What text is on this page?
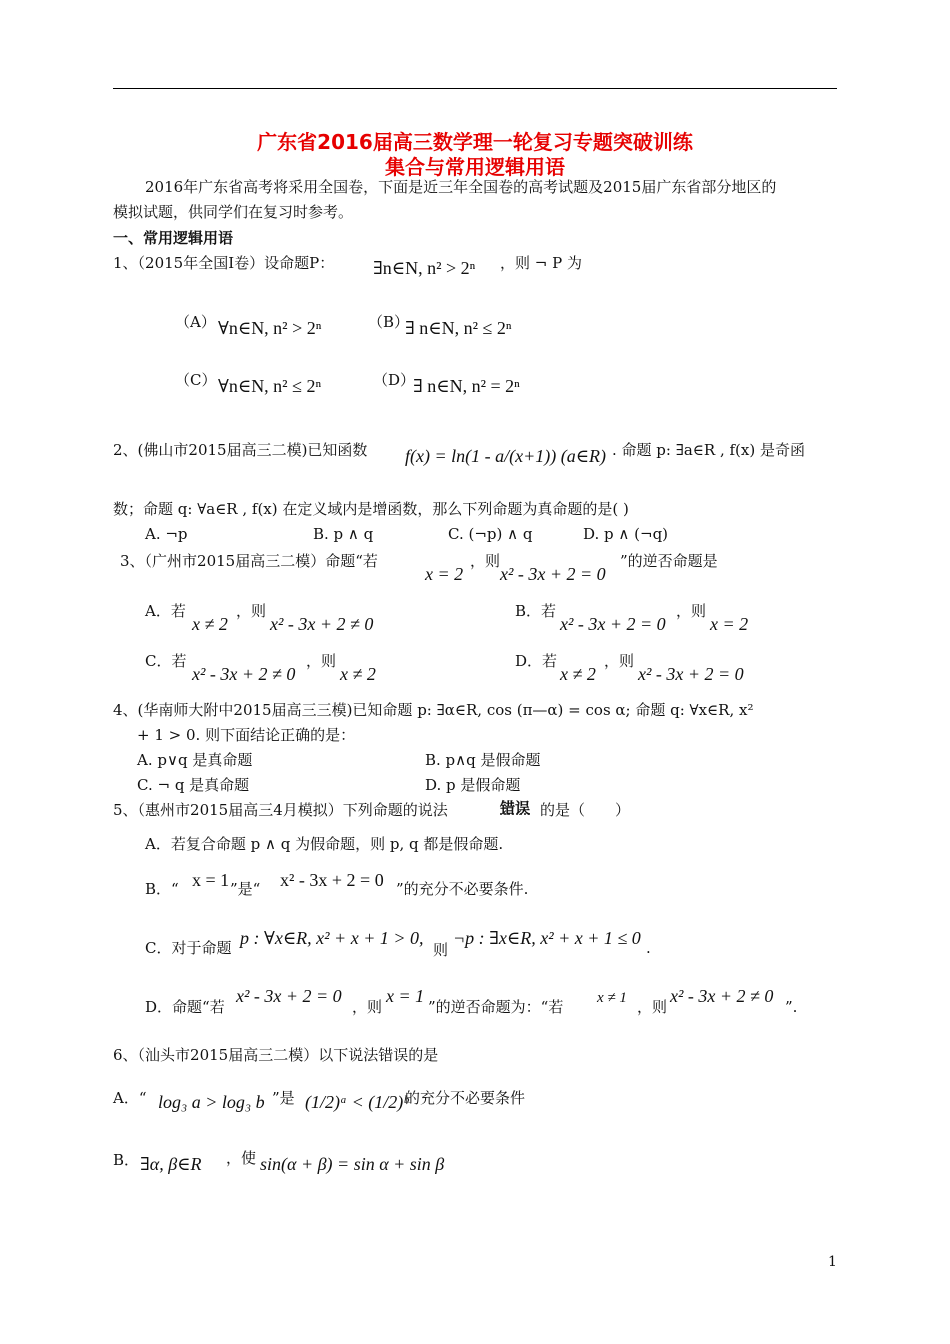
广东省2016届高三数学理一轮复习专题突破训练
集合与常用逻辑用语
2016年广东省高考将采用全国卷，下面是近三年全国卷的高考试题及2015届广东省部分地区的
模拟试题，供同学们在复习时参考。
一、常用逻辑用语
1、（2015年全国Ⅰ卷）设命题P： ∃n∈N, n² > 2ⁿ ，则 ¬ P 为
（A） ∀n∈N, n² > 2ⁿ	（B）
∃ n∈N, n² ≤ 2ⁿ
（C） ∀n∈N, n² ≤ 2ⁿ	（D）
∃ n∈N, n² = 2ⁿ
2、(佛山市2015届高三二模)已知函数 f(x) = ln(1 - a/(x+1)) (a∈R) . 命题 p: ∃a∈R , f(x) 是奇函
数；命题 q: ∀a∈R , f(x) 在定义域内是增函数，那么下列命题为真命题的是( )
A. ¬p	B. p ∧ q	C. (¬p) ∧ q	D. p ∧ (¬q)
3、（广州市2015届高三二模）命题“若
x = 2
，则
x² - 3x + 2 = 0
”的逆否命题是
A．若
x ≠ 2
，则
x² - 3x + 2 ≠ 0
B．若
x² - 3x + 2 = 0
，则
x = 2
C．若
x² - 3x + 2 ≠ 0
，则
x ≠ 2
D．若
x ≠ 2
，则
x² - 3x + 2 = 0
4、(华南师大附中2015届高三三模)已知命题 p: ∃α∈R, cos (π—α) = cos α; 命题 q: ∀x∈R, x²
+ 1 > 0. 则下面结论正确的是：
A. p∨q 是真命题	B. p∧q 是假命题
C. ¬ q 是真命题	D. p 是假命题
5、（惠州市2015届高三4月模拟）下列命题的说法	错误 的是（　　）
A．若复合命题 p ∧ q 为假命题，则 p, q 都是假命题.
B．“ x = 1 ”是“ x² - 3x + 2 = 0 ”的充分不必要条件.
C．对于命题 p : ∀x∈R, x² + x + 1 > 0,
则
¬p : ∃x∈R, x² + x + 1 ≤ 0 .
D．命题“若
x² - 3x + 2 = 0
，则
x = 1
”的逆否命题为：“若 x ≠ 1 ，则
x² - 3x + 2 ≠ 0
”.
6、（汕头市2015届高三二模）以下说法错误的是
A．“ log₃ a > log₃ b ”是 (1/2)ᵃ < (1/2)ᵇ
的充分不必要条件
B． ∃α, β∈R ，使 sin(α + β) = sin α + sin β
1
